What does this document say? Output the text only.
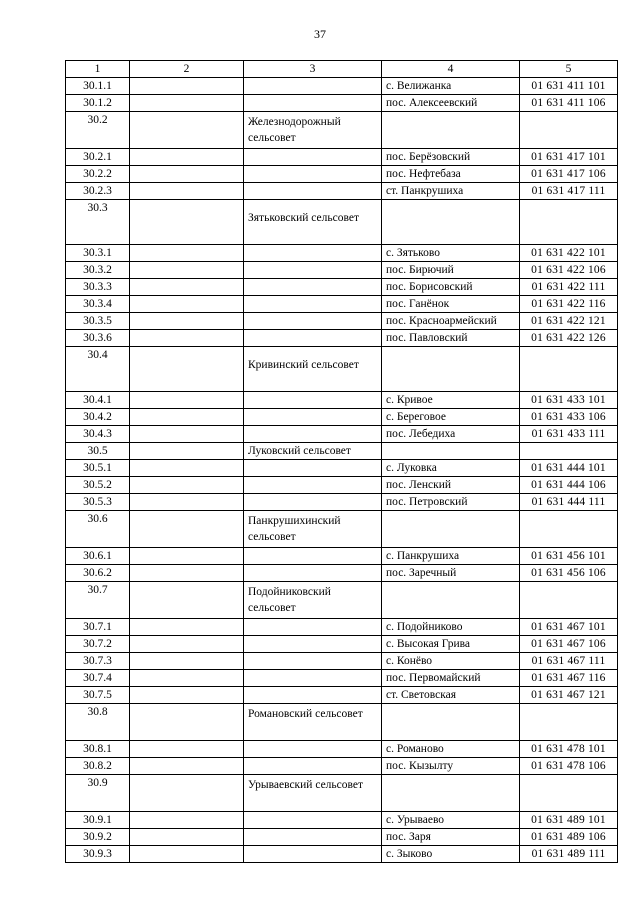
37
1	2	3	4	5
30.1.1			с. Велижанка	01 631 411 101
30.1.2			пос. Алексеевский	01 631 411 106
30.2		Железнодорожный сельсовет		
30.2.1			пос. Берёзовский	01 631 417 101
30.2.2			пос. Нефтебаза	01 631 417 106
30.2.3			ст. Панкрушиха	01 631 417 111
30.3		Зятьковский сельсовет		
30.3.1			с. Зятьково	01 631 422 101
30.3.2			пос. Бирючий	01 631 422 106
30.3.3			пос. Борисовский	01 631 422 111
30.3.4			пос. Ганёнок	01 631 422 116
30.3.5			пос. Красноармейский	01 631 422 121
30.3.6			пос. Павловский	01 631 422 126
30.4		Кривинский сельсовет		
30.4.1			с. Кривое	01 631 433 101
30.4.2			с. Береговое	01 631 433 106
30.4.3			пос. Лебедиха	01 631 433 111
30.5		Луковский сельсовет		
30.5.1			с. Луковка	01 631 444 101
30.5.2			пос. Ленский	01 631 444 106
30.5.3			пос. Петровский	01 631 444 111
30.6		Панкрушихинский сельсовет		
30.6.1			с. Панкрушиха	01 631 456 101
30.6.2			пос. Заречный	01 631 456 106
30.7		Подойниковский сельсовет		
30.7.1			с. Подойниково	01 631 467 101
30.7.2			с. Высокая Грива	01 631 467 106
30.7.3			с. Конёво	01 631 467 111
30.7.4			пос. Первомайский	01 631 467 116
30.7.5			ст. Световская	01 631 467 121
30.8		Романовский сельсовет		
30.8.1			с. Романово	01 631 478 101
30.8.2			пос. Кызылту	01 631 478 106
30.9		Урываевский сельсовет		
30.9.1			с. Урываево	01 631 489 101
30.9.2			пос. Заря	01 631 489 106
30.9.3			с. Зыково	01 631 489 111
